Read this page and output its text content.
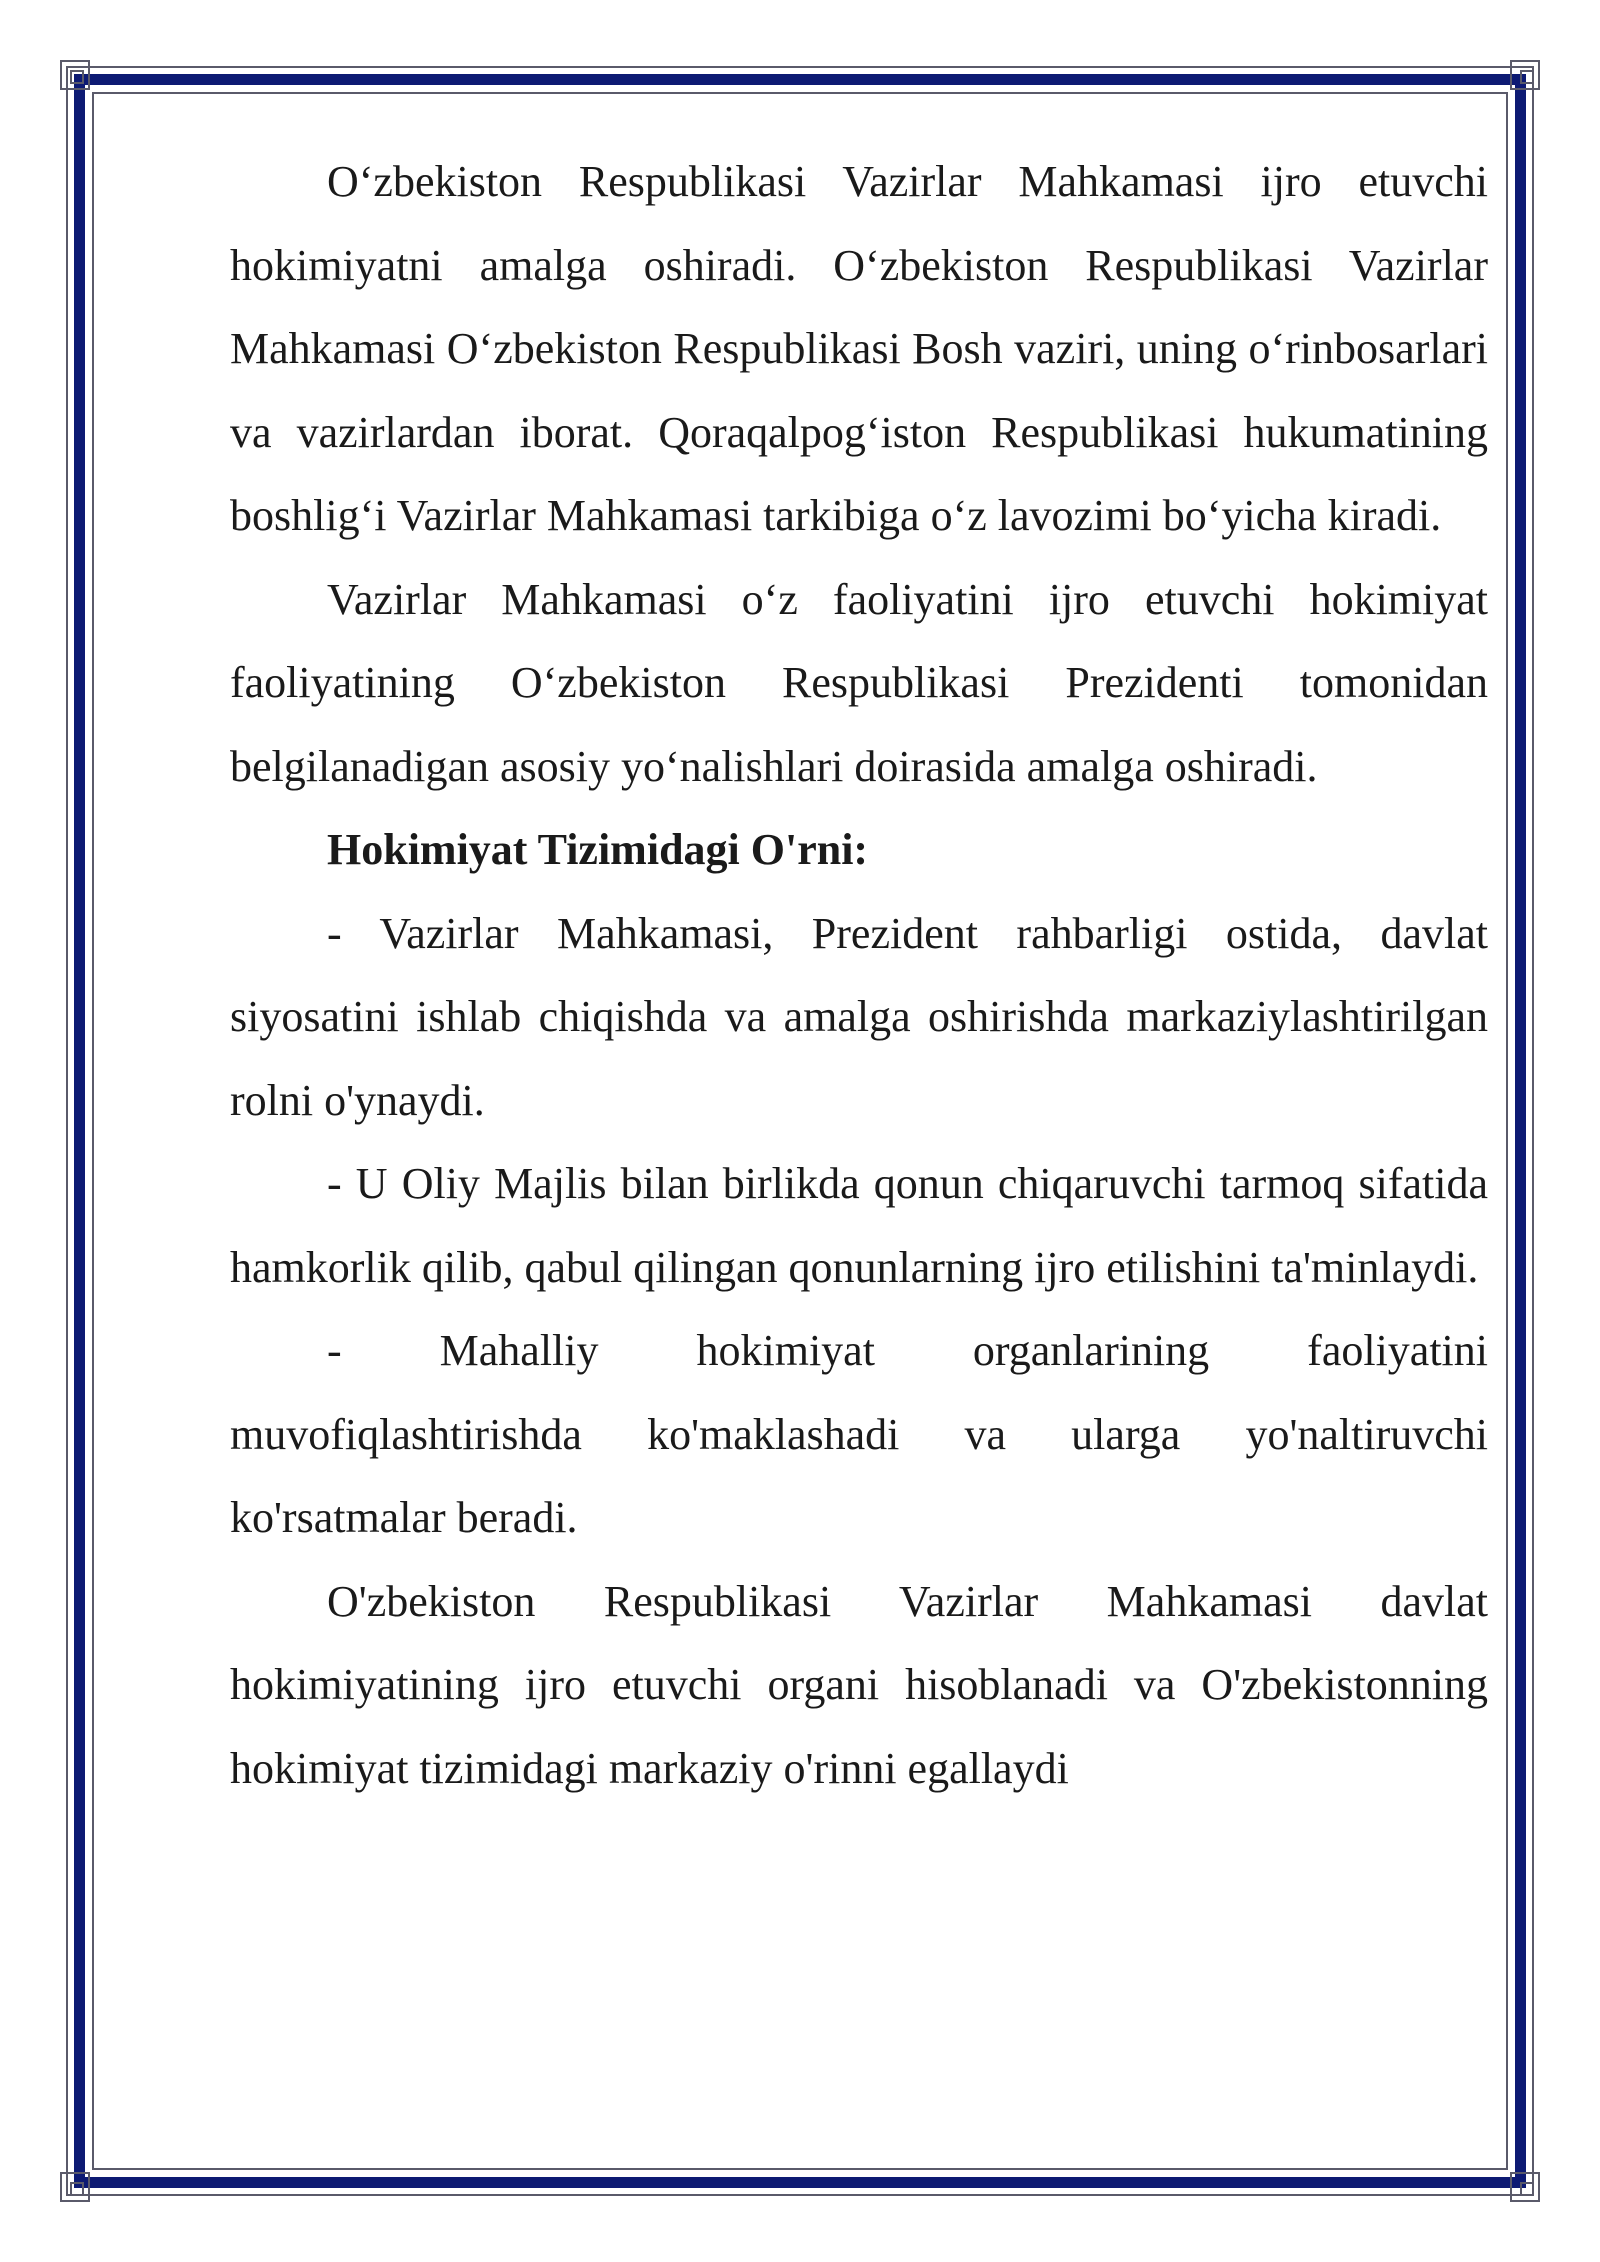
O‘zbekiston Respublikasi Vazirlar Mahkamasi ijro etuvchi hokimiyatni amalga oshiradi. O‘zbekiston Respublikasi Vazirlar Mahkamasi O‘zbekiston Respublikasi Bosh vaziri, uning o‘rinbosarlari va vazirlardan iborat. Qoraqalpog‘iston Respublikasi hukumatining boshlig‘i Vazirlar Mahkamasi tarkibiga o‘z lavozimi bo‘yicha kiradi.

Vazirlar Mahkamasi o‘z faoliyatini ijro etuvchi hokimiyat faoliyatining O‘zbekiston Respublikasi Prezidenti tomonidan belgilanadigan asosiy yo‘nalishlari doirasida amalga oshiradi.

Hokimiyat Tizimidagi O'rni:

- Vazirlar Mahkamasi, Prezident rahbarligi ostida, davlat siyosatini ishlab chiqishda va amalga oshirishda markaziylashtirilgan rolni o'ynaydi.

- U Oliy Majlis bilan birlikda qonun chiqaruvchi tarmoq sifatida hamkorlik qilib, qabul qilingan qonunlarning ijro etilishini ta'minlaydi.

- Mahalliy hokimiyat organlarining faoliyatini muvofiqlashtirishda ko'maklashadi va ularga yo'naltiruvchi ko'rsatmalar beradi.

O'zbekiston Respublikasi Vazirlar Mahkamasi davlat hokimiyatining ijro etuvchi organi hisoblanadi va O'zbekistonning hokimiyat tizimidagi markaziy o'rinni egallaydi
